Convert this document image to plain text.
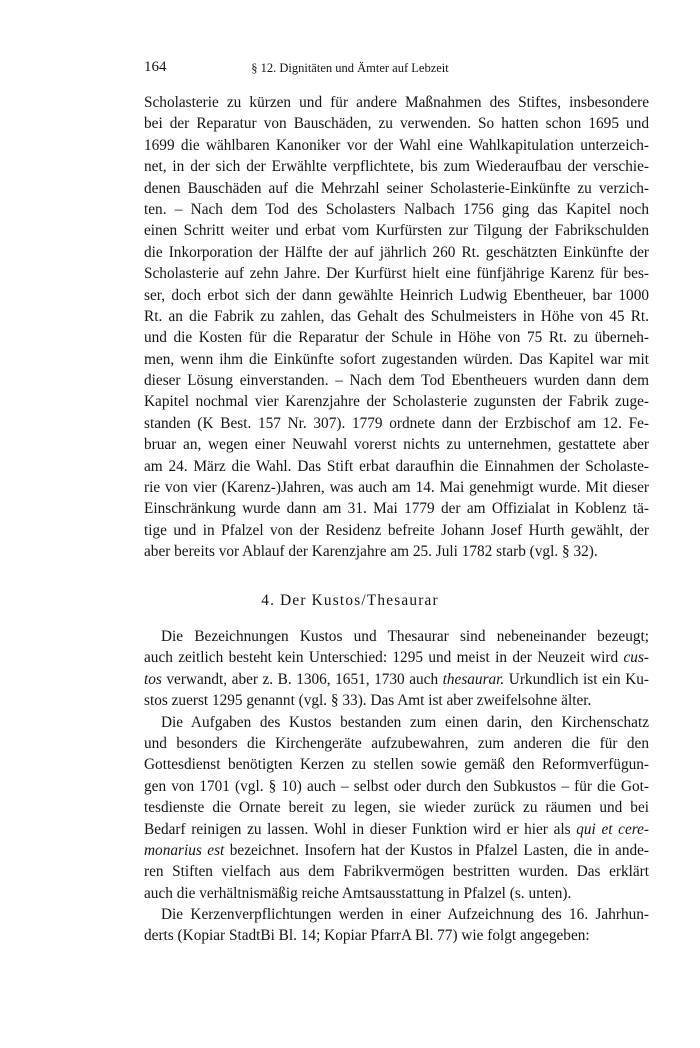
164	§ 12. Dignitäten und Ämter auf Lebzeit
Scholasterie zu kürzen und für andere Maßnahmen des Stiftes, insbesondere
bei der Reparatur von Bauschäden, zu verwenden. So hatten schon 1695 und
1699 die wählbaren Kanoniker vor der Wahl eine Wahlkapitulation unterzeich-
net, in der sich der Erwählte verpflichtete, bis zum Wiederaufbau der verschie-
denen Bauschäden auf die Mehrzahl seiner Scholasterie-Einkünfte zu verzich-
ten. – Nach dem Tod des Scholasters Nalbach 1756 ging das Kapitel noch
einen Schritt weiter und erbat vom Kurfürsten zur Tilgung der Fabrikschulden
die Inkorporation der Hälfte der auf jährlich 260 Rt. geschätzten Einkünfte der
Scholasterie auf zehn Jahre. Der Kurfürst hielt eine fünfjährige Karenz für bes-
ser, doch erbot sich der dann gewählte Heinrich Ludwig Ebentheuer, bar 1000
Rt. an die Fabrik zu zahlen, das Gehalt des Schulmeisters in Höhe von 45 Rt.
und die Kosten für die Reparatur der Schule in Höhe von 75 Rt. zu überneh-
men, wenn ihm die Einkünfte sofort zugestanden würden. Das Kapitel war mit
dieser Lösung einverstanden. – Nach dem Tod Ebentheuers wurden dann dem
Kapitel nochmal vier Karenzjahre der Scholasterie zugunsten der Fabrik zuge-
standen (K Best. 157 Nr. 307). 1779 ordnete dann der Erzbischof am 12. Fe-
bruar an, wegen einer Neuwahl vorerst nichts zu unternehmen, gestattete aber
am 24. März die Wahl. Das Stift erbat daraufhin die Einnahmen der Scholaste-
rie von vier (Karenz-)Jahren, was auch am 14. Mai genehmigt wurde. Mit dieser
Einschränkung wurde dann am 31. Mai 1779 der am Offizialat in Koblenz tä-
tige und in Pfalzel von der Residenz befreite Johann Josef Hurth gewählt, der
aber bereits vor Ablauf der Karenzjahre am 25. Juli 1782 starb (vgl. § 32).
4. Der Kustos/Thesaurar
Die Bezeichnungen Kustos und Thesaurar sind nebeneinander bezeugt;
auch zeitlich besteht kein Unterschied: 1295 und meist in der Neuzeit wird cus-
tos verwandt, aber z. B. 1306, 1651, 1730 auch thesaurar. Urkundlich ist ein Ku-
stos zuerst 1295 genannt (vgl. § 33). Das Amt ist aber zweifelsohne älter.
Die Aufgaben des Kustos bestanden zum einen darin, den Kirchenschatz
und besonders die Kirchengeräte aufzubewahren, zum anderen die für den
Gottesdienst benötigten Kerzen zu stellen sowie gemäß den Reformverfügun-
gen von 1701 (vgl. § 10) auch – selbst oder durch den Subkustos – für die Got-
tesdienste die Ornate bereit zu legen, sie wieder zurück zu räumen und bei
Bedarf reinigen zu lassen. Wohl in dieser Funktion wird er hier als qui et cere-
monarius est bezeichnet. Insofern hat der Kustos in Pfalzel Lasten, die in ande-
ren Stiften vielfach aus dem Fabrikvermögen bestritten wurden. Das erklärt
auch die verhältnismäßig reiche Amtsausstattung in Pfalzel (s. unten).
Die Kerzenverpflichtungen werden in einer Aufzeichnung des 16. Jahrhun-
derts (Kopiar StadtBi Bl. 14; Kopiar PfarrA Bl. 77) wie folgt angegeben:
